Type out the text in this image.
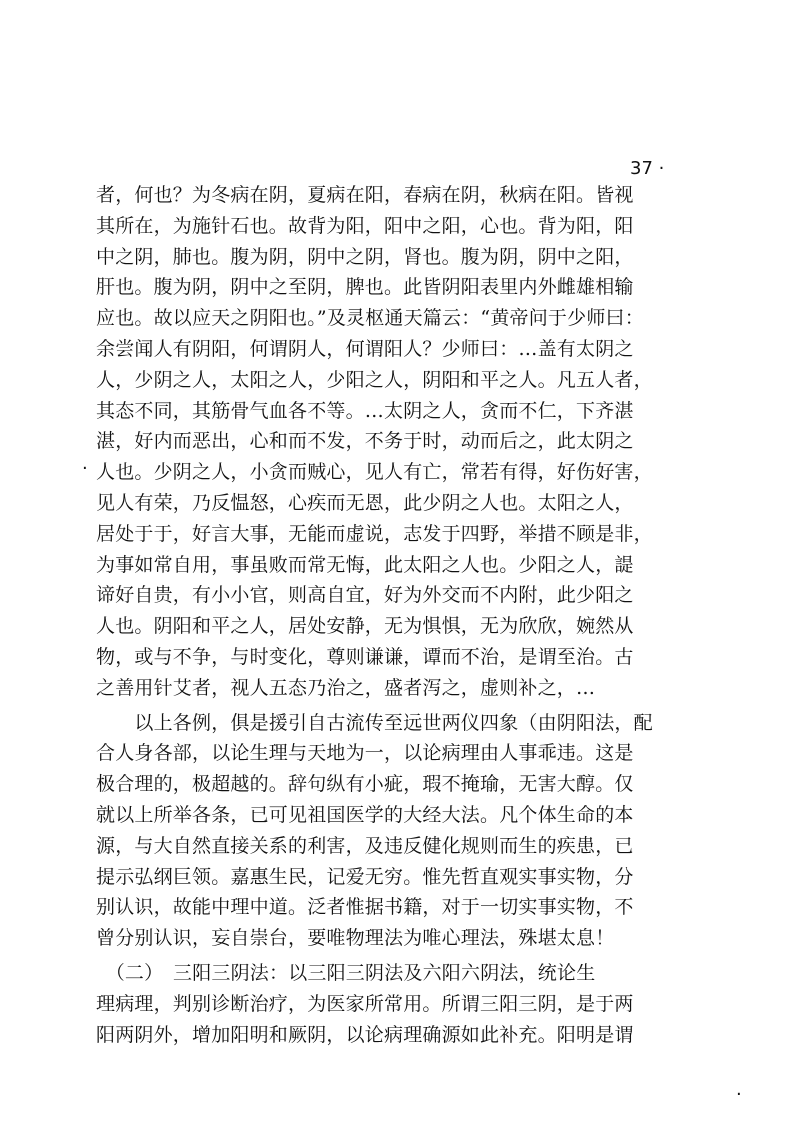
37 ·
·
·
者，何也？为冬病在阴，夏病在阳，春病在阴，秋病在阳。皆视
其所在，为施针石也。故背为阳，阳中之阳，心也。背为阳，阳
中之阴，肺也。腹为阴，阴中之阴，肾也。腹为阴，阴中之阳，
肝也。腹为阴，阴中之至阴，脾也。此皆阴阳表里内外雌雄相输
应也。故以应天之阴阳也。”及灵枢通天篇云：“黄帝问于少师曰：
余尝闻人有阴阳，何谓阴人，何谓阳人？少师曰：…盖有太阴之
人，少阴之人，太阳之人，少阳之人，阴阳和平之人。凡五人者，
其态不同，其筋骨气血各不等。…太阴之人，贪而不仁，下齐湛
湛，好内而恶出，心和而不发，不务于时，动而后之，此太阴之
人也。少阴之人，小贪而贼心，见人有亡，常若有得，好伤好害，
见人有荣，乃反愠怒，心疾而无恩，此少阴之人也。太阳之人，
居处于于，好言大事，无能而虚说，志发于四野，举措不顾是非，
为事如常自用，事虽败而常无悔，此太阳之人也。少阳之人，諟
谛好自贵，有小小官，则高自宜，好为外交而不内附，此少阳之
人也。阴阳和平之人，居处安静，无为惧惧，无为欣欣，婉然从
物，或与不争，与时变化，尊则谦谦，谭而不治，是谓至治。古
之善用针艾者，视人五态乃治之，盛者泻之，虚则补之，…
　　以上各例，俱是援引自古流传至远世两仪四象（由阴阳法，配
合人身各部，以论生理与天地为一，以论病理由人事乖违。这是
极合理的，极超越的。辞句纵有小疵，瑕不掩瑜，无害大醇。仅
就以上所举各条，已可见祖国医学的大经大法。凡个体生命的本
源，与大自然直接关系的利害，及违反健化规则而生的疾患，已
提示弘纲巨领。嘉惠生民，记爱无穷。惟先哲直观实事实物，分
别认识，故能中理中道。泛者惟据书籍，对于一切实事实物，不
曾分别认识，妄自崇台，要唯物理法为唯心理法，殊堪太息！
　（二）　三阳三阴法：以三阳三阴法及六阳六阴法，统论生
理病理，判别诊断治疗，为医家所常用。所谓三阳三阴，是于两
阳两阴外，增加阳明和厥阴，以论病理确源如此补充。阳明是谓
